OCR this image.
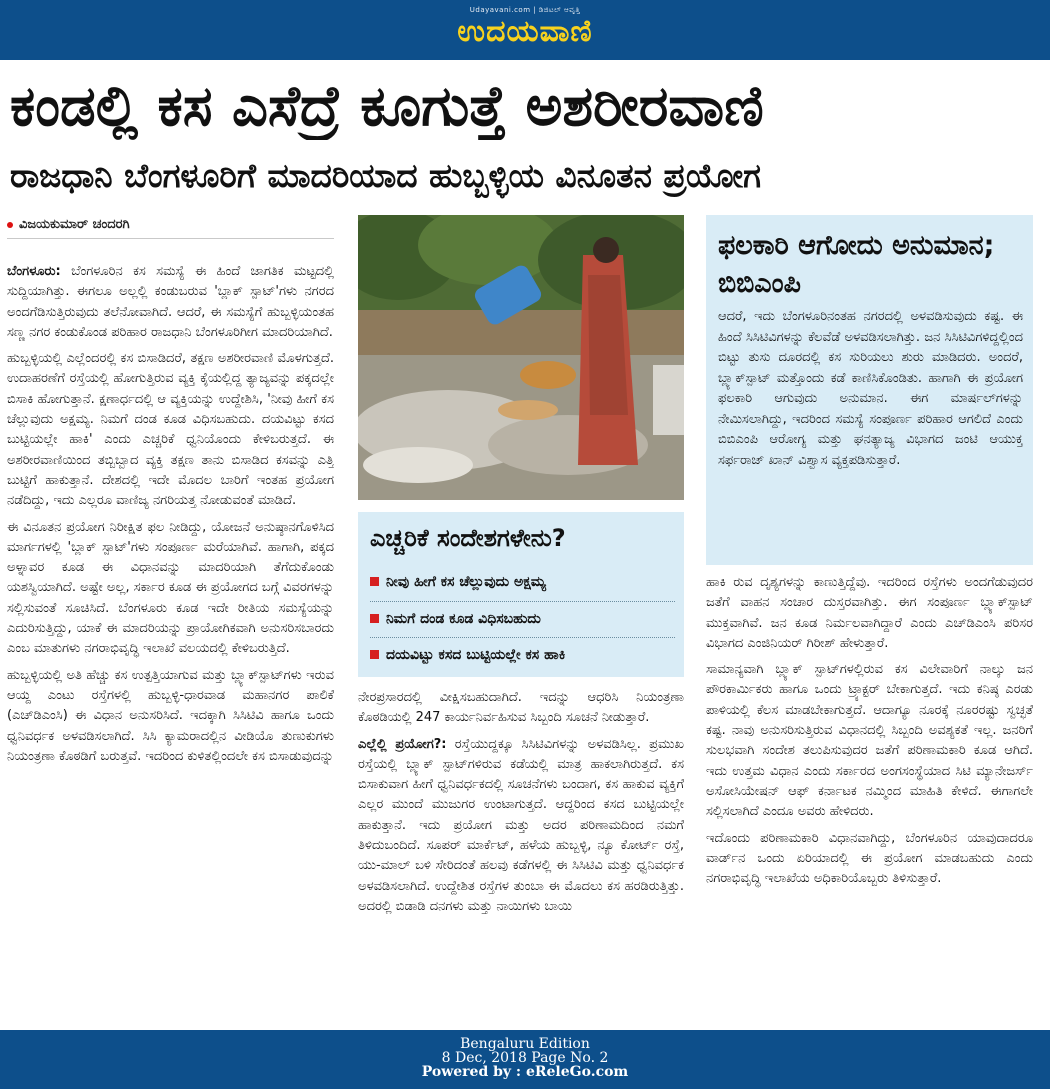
Udayavani.com | ಡಿಜಿಟಲ್ ಆವೃತ್ತಿ
ಉದಯವಾಣಿ
ಕಂಡಲ್ಲಿ ಕಸ ಎಸೆದ್ರೆ ಕೂಗುತ್ತೆ ಅಶರೀರವಾಣಿ
ರಾಜಧಾನಿ ಬೆಂಗಳೂರಿಗೆ ಮಾದರಿಯಾದ ಹುಬ್ಬಳ್ಳಿಯ ವಿನೂತನ ಪ್ರಯೋಗ
ವಿಜಯಕುಮಾರ್ ಚಂದರಗಿ

ಬೆಂಗಳೂರು: ಬೆಂಗಳೂರಿನ ಕಸ ಸಮಸ್ಯೆ ಈ ಹಿಂದೆ ಜಾಗತಿಕ ಮಟ್ಟದಲ್ಲಿ ಸುದ್ದಿಯಾಗಿತ್ತು. ಈಗಲೂ ಅಲ್ಲಲ್ಲಿ ಕಂಡುಬರುವ 'ಬ್ಲಾಕ್ ಸ್ಪಾಟ್'ಗಳು ನಗರದ ಅಂದಗೆಡಿಸುತ್ತಿರುವುದು ತಲೆನೋವಾಗಿದೆ. ಆದರೆ, ಈ ಸಮಸ್ಯೆಗೆ ಹುಬ್ಬಳ್ಳಿಯಂತಹ ಸಣ್ಣ ನಗರ ಕಂಡುಕೊಂಡ ಪರಿಹಾರ ರಾಜಧಾನಿ ಬೆಂಗಳೂರಿಗೀಗ ಮಾದರಿಯಾಗಿದೆ.

ಹುಬ್ಬಳ್ಳಿಯಲ್ಲಿ ಎಲ್ಲೆಂದರಲ್ಲಿ ಕಸ ಬಿಸಾಡಿದರೆ, ತಕ್ಷಣ ಅಶರೀರವಾಣಿ ಮೊಳಗುತ್ತದೆ. ಉದಾಹರಣೆಗೆ ರಸ್ತೆಯಲ್ಲಿ ಹೋಗುತ್ತಿರುವ ವ್ಯಕ್ತಿ ಕೈಯಲ್ಲಿದ್ದ ತ್ಯಾಜ್ಯವನ್ನು ಪಕ್ಕದಲ್ಲೇ ಬಿಸಾಕಿ ಹೋಗುತ್ತಾನೆ. ಕ್ಷಣಾರ್ಧದಲ್ಲಿ ಆ ವ್ಯಕ್ತಿಯನ್ನು ಉದ್ದೇಶಿಸಿ, 'ನೀವು ಹೀಗೆ ಕಸ ಚೆಲ್ಲುವುದು ಅಕ್ಷಮ್ಯ. ನಿಮಗೆ ದಂಡ ಕೂಡ ವಿಧಿಸಬಹುದು. ದಯವಿಟ್ಟು ಕಸದ ಬುಟ್ಟಿಯಲ್ಲೇ ಹಾಕಿ' ಎಂದು ಎಚ್ಚರಿಕೆ ಧ್ವನಿಯೊಂದು ಕೇಳಿಬರುತ್ತದೆ. ಈ ಅಶರೀರವಾಣಿಯಿಂದ ತಬ್ಬಿಬ್ಬಾದ ವ್ಯಕ್ತಿ ತಕ್ಷಣ ತಾನು ಬಿಸಾಡಿದ ಕಸವನ್ನು ಎತ್ತಿ ಬುಟ್ಟಿಗೆ ಹಾಕುತ್ತಾನೆ. ದೇಶದಲ್ಲಿ ಇದೇ ಮೊದಲ ಬಾರಿಗೆ ಇಂತಹ ಪ್ರಯೋಗ ನಡೆದಿದ್ದು, ಇದು ಎಲ್ಲರೂ ವಾಣಿಜ್ಯ ನಗರಿಯತ್ತ ನೋಡುವಂತೆ ಮಾಡಿದೆ.

ಈ ವಿನೂತನ ಪ್ರಯೋಗ ನಿರೀಕ್ಷಿತ ಫಲ ನೀಡಿದ್ದು, ಯೋಜನೆ ಅನುಷ್ಠಾನಗೊಳಿಸಿದ ಮಾರ್ಗಗಳಲ್ಲಿ 'ಬ್ಲಾಕ್ ಸ್ಪಾಟ್'ಗಳು ಸಂಪೂರ್ಣ ಮರೆಯಾಗಿವೆ. ಹಾಗಾಗಿ, ಪಕ್ಕದ ಅಳ್ನಾವರ ಕೂಡ ಈ ವಿಧಾನವನ್ನು ಮಾದರಿಯಾಗಿ ತೆಗೆದುಕೊಂಡು ಯಶಸ್ವಿಯಾಗಿದೆ. ಅಷ್ಟೇ ಅಲ್ಲ, ಸರ್ಕಾರ ಕೂಡ ಈ ಪ್ರಯೋಗದ ಬಗ್ಗೆ ವಿವರಗಳನ್ನು ಸಲ್ಲಿಸುವಂತೆ ಸೂಚಿಸಿದೆ. ಬೆಂಗಳೂರು ಕೂಡ ಇದೇ ರೀತಿಯ ಸಮಸ್ಯೆಯನ್ನು ಎದುರಿಸುತ್ತಿದ್ದು, ಯಾಕೆ ಈ ಮಾದರಿಯನ್ನು ಪ್ರಾಯೋಗಿಕವಾಗಿ ಅನುಸರಿಸಬಾರದು ಎಂಬ ಮಾತುಗಳು ನಗರಾಭಿವೃದ್ಧಿ ಇಲಾಖೆ ವಲಯದಲ್ಲಿ ಕೇಳಿಬರುತ್ತಿದೆ.

ಹುಬ್ಬಳ್ಳಿಯಲ್ಲಿ ಅತಿ ಹೆಚ್ಚು ಕಸ ಉತ್ಪತ್ತಿಯಾಗುವ ಮತ್ತು ಬ್ಲ್ಯಾಕ್‌ಸ್ಪಾಟ್‌ಗಳು ಇರುವ ಆಯ್ದ ಎಂಟು ರಸ್ತೆಗಳಲ್ಲಿ ಹುಬ್ಬಳ್ಳಿ-ಧಾರವಾಡ ಮಹಾನಗರ ಪಾಲಿಕೆ (ಎಚ್‌ಡಿಎಂಸಿ) ಈ ವಿಧಾನ ಅನುಸರಿಸಿದೆ. ಇದಕ್ಕಾಗಿ ಸಿಸಿಟಿವಿ ಹಾಗೂ ಒಂದು ಧ್ವನಿವರ್ಧಕ ಅಳವಡಿಸಲಾಗಿದೆ. ಸಿಸಿ ಕ್ಯಾಮರಾದಲ್ಲಿನ ವೀಡಿಯೊ ತುಣುಕುಗಳು ನಿಯಂತ್ರಣಾ ಕೊಠಡಿಗೆ ಬರುತ್ತವೆ. ಇದರಿಂದ ಕುಳಿತಲ್ಲಿಂದಲೇ ಕಸ ಬಿಸಾಡುವುದನ್ನು

ಎಚ್ಚರಿಕೆ ಸಂದೇಶಗಳೇನು?
ನೀವು ಹೀಗೆ ಕಸ ಚೆಲ್ಲುವುದು ಅಕ್ಷಮ್ಯ
ನಿಮಗೆ ದಂಡ ಕೂಡ ವಿಧಿಸಬಹುದು
ದಯವಿಟ್ಟು ಕಸದ ಬುಟ್ಟಿಯಲ್ಲೇ ಕಸ ಹಾಕಿ

ನೇರಪ್ರಸಾರದಲ್ಲಿ ವೀಕ್ಷಿಸಬಹುದಾಗಿದೆ. ಇದನ್ನು ಆಧರಿಸಿ ನಿಯಂತ್ರಣಾ ಕೊಠಡಿಯಲ್ಲಿ 247 ಕಾರ್ಯನಿರ್ವಹಿಸುವ ಸಿಬ್ಬಂದಿ ಸೂಚನೆ ನೀಡುತ್ತಾರೆ.

ಎಲ್ಲೆಲ್ಲಿ ಪ್ರಯೋಗ?: ರಸ್ತೆಯುದ್ದಕ್ಕೂ ಸಿಸಿಟಿವಿಗಳನ್ನು ಅಳವಡಿಸಿಲ್ಲ. ಪ್ರಮುಖ ರಸ್ತೆಯಲ್ಲಿ ಬ್ಲ್ಯಾಕ್ ಸ್ಪಾಟ್‌ಗಳಿರುವ ಕಡೆಯಲ್ಲಿ ಮಾತ್ರ ಹಾಕಲಾಗಿರುತ್ತದೆ. ಕಸ ಬಿಸಾಕುವಾಗ ಹೀಗೆ ಧ್ವನಿವರ್ಧಕದಲ್ಲಿ ಸೂಚನೆಗಳು ಬಂದಾಗ, ಕಸ ಹಾಕುವ ವ್ಯಕ್ತಿಗೆ ಎಲ್ಲರ ಮುಂದೆ ಮುಜುಗರ ಉಂಟಾಗುತ್ತದೆ. ಆದ್ದರಿಂದ ಕಸದ ಬುಟ್ಟಿಯಲ್ಲೇ ಹಾಕುತ್ತಾನೆ. ಇದು ಪ್ರಯೋಗ ಮತ್ತು ಅದರ ಪರಿಣಾಮದಿಂದ ನಮಗೆ ತಿಳಿದುಬಂದಿದೆ. ಸೂಪರ್ ಮಾರ್ಕೆಟ್, ಹಳೆಯ ಹುಬ್ಬಳ್ಳಿ, ನ್ಯೂ ಕೋರ್ಟ್ ರಸ್ತೆ, ಯು-ಮಾಲ್ ಬಳಿ ಸೇರಿದಂತೆ ಹಲವು ಕಡೆಗಳಲ್ಲಿ ಈ ಸಿಸಿಟಿವಿ ಮತ್ತು ಧ್ವನಿವರ್ಧಕ ಅಳವಡಿಸಲಾಗಿದೆ. ಉದ್ದೇಶಿತ ರಸ್ತೆಗಳ ತುಂಬಾ ಈ ಮೊದಲು ಕಸ ಹರಡಿರುತ್ತಿತ್ತು. ಅದರಲ್ಲಿ ಬಿಡಾಡಿ ದನಗಳು ಮತ್ತು ನಾಯಿಗಳು ಬಾಯಿ

ಫಲಕಾರಿ ಆಗೋದು ಅನುಮಾನ; ಬಿಬಿಎಂಪಿ
ಆದರೆ, ಇದು ಬೆಂಗಳೂರಿನಂತಹ ನಗರದಲ್ಲಿ ಅಳವಡಿಸುವುದು ಕಷ್ಟ. ಈ ಹಿಂದೆ ಸಿಸಿಟಿವಿಗಳನ್ನು ಕೆಲವೆಡೆ ಅಳವಡಿಸಲಾಗಿತ್ತು. ಜನ ಸಿಸಿಟಿವಿಗಳಿದ್ದಲ್ಲಿಂದ ಬಿಟ್ಟು ತುಸು ದೂರದಲ್ಲಿ ಕಸ ಸುರಿಯಲು ಶುರು ಮಾಡಿದರು. ಅಂದರೆ, ಬ್ಲ್ಯಾಕ್‌ಸ್ಪಾಟ್ ಮತ್ತೊಂದು ಕಡೆ ಕಾಣಿಸಿಕೊಂಡಿತು. ಹಾಗಾಗಿ ಈ ಪ್ರಯೋಗ ಫಲಕಾರಿ ಆಗುವುದು ಅನುಮಾನ. ಈಗ ಮಾರ್ಷಲ್‌ಗಳನ್ನು ನೇಮಿಸಲಾಗಿದ್ದು, ಇದರಿಂದ ಸಮಸ್ಯೆ ಸಂಪೂರ್ಣ ಪರಿಹಾರ ಆಗಲಿದೆ ಎಂದು ಬಿಬಿಎಂಪಿ ಆರೋಗ್ಯ ಮತ್ತು ಘನತ್ಯಾಜ್ಯ ವಿಭಾಗದ ಜಂಟಿ ಆಯುಕ್ತ ಸರ್ಫರಾಜ್ ಖಾನ್ ವಿಶ್ವಾಸ ವ್ಯಕ್ತಪಡಿಸುತ್ತಾರೆ.

ಹಾಕಿ ರುವ ದೃಶ್ಯಗಳನ್ನು ಕಾಣುತ್ತಿದ್ದೆವು. ಇದರಿಂದ ರಸ್ತೆಗಳು ಅಂದಗೆಡುವುದರ ಜತೆಗೆ ವಾಹನ ಸಂಚಾರ ದುಸ್ತರವಾಗಿತ್ತು. ಈಗ ಸಂಪೂರ್ಣ ಬ್ಲ್ಯಾಕ್‌ಸ್ಪಾಟ್ ಮುಕ್ತವಾಗಿವೆ. ಜನ ಕೂಡ ನಿರ್ಮಲವಾಗಿದ್ದಾರೆ ಎಂದು ಎಚ್‌ಡಿಎಂಸಿ ಪರಿಸರ ವಿಭಾಗದ ಎಂಜಿನಿಯರ್ ಗಿರೀಶ್ ಹೇಳುತ್ತಾರೆ.

ಸಾಮಾನ್ಯವಾಗಿ ಬ್ಲ್ಯಾಕ್ ಸ್ಪಾಟ್‌ಗಳಲ್ಲಿರುವ ಕಸ ವಿಲೇವಾರಿಗೆ ನಾಲ್ಕು ಜನ ಪೌರಕಾರ್ಮಿಕರು ಹಾಗೂ ಒಂದು ಟ್ರ್ಯಾಕ್ಟರ್ ಬೇಕಾಗುತ್ತದೆ. ಇದು ಕನಿಷ್ಠ ಎರಡು ಪಾಳಿಯಲ್ಲಿ ಕೆಲಸ ಮಾಡಬೇಕಾಗುತ್ತದೆ. ಆದಾಗ್ಯೂ ನೂರಕ್ಕೆ ನೂರರಷ್ಟು ಸ್ವಚ್ಛತೆ ಕಷ್ಟ. ನಾವು ಅನುಸರಿಸುತ್ತಿರುವ ವಿಧಾನದಲ್ಲಿ ಸಿಬ್ಬಂದಿ ಅವಶ್ಯಕತೆ ಇಲ್ಲ. ಜನರಿಗೆ ಸುಲಭವಾಗಿ ಸಂದೇಶ ತಲುಪಿಸುವುದರ ಜತೆಗೆ ಪರಿಣಾಮಕಾರಿ ಕೂಡ ಆಗಿದೆ. ಇದು ಉತ್ತಮ ವಿಧಾನ ಎಂದು ಸರ್ಕಾರದ ಅಂಗಸಂಸ್ಥೆಯಾದ ಸಿಟಿ ಮ್ಯಾನೇಜರ್ಸ್ ಅಸೋಸಿಯೇಷನ್ ಆಫ್ ಕರ್ನಾಟಕ ನಮ್ಮಿಂದ ಮಾಹಿತಿ ಕೇಳಿದೆ. ಈಗಾಗಲೇ ಸಲ್ಲಿಸಲಾಗಿದೆ ಎಂದೂ ಅವರು ಹೇಳಿದರು.

ಇದೊಂದು ಪರಿಣಾಮಕಾರಿ ವಿಧಾನವಾಗಿದ್ದು, ಬೆಂಗಳೂರಿನ ಯಾವುದಾದರೂ ವಾರ್ಡ್‌ನ ಒಂದು ಏರಿಯಾದಲ್ಲಿ ಈ ಪ್ರಯೋಗ ಮಾಡಬಹುದು ಎಂದು ನಗರಾಭಿವೃದ್ಧಿ ಇಲಾಖೆಯ ಅಧಿಕಾರಿಯೊಬ್ಬರು ತಿಳಿಸುತ್ತಾರೆ.

Bengaluru Edition
8 Dec, 2018 Page No. 2
Powered by : eReleGo.com
